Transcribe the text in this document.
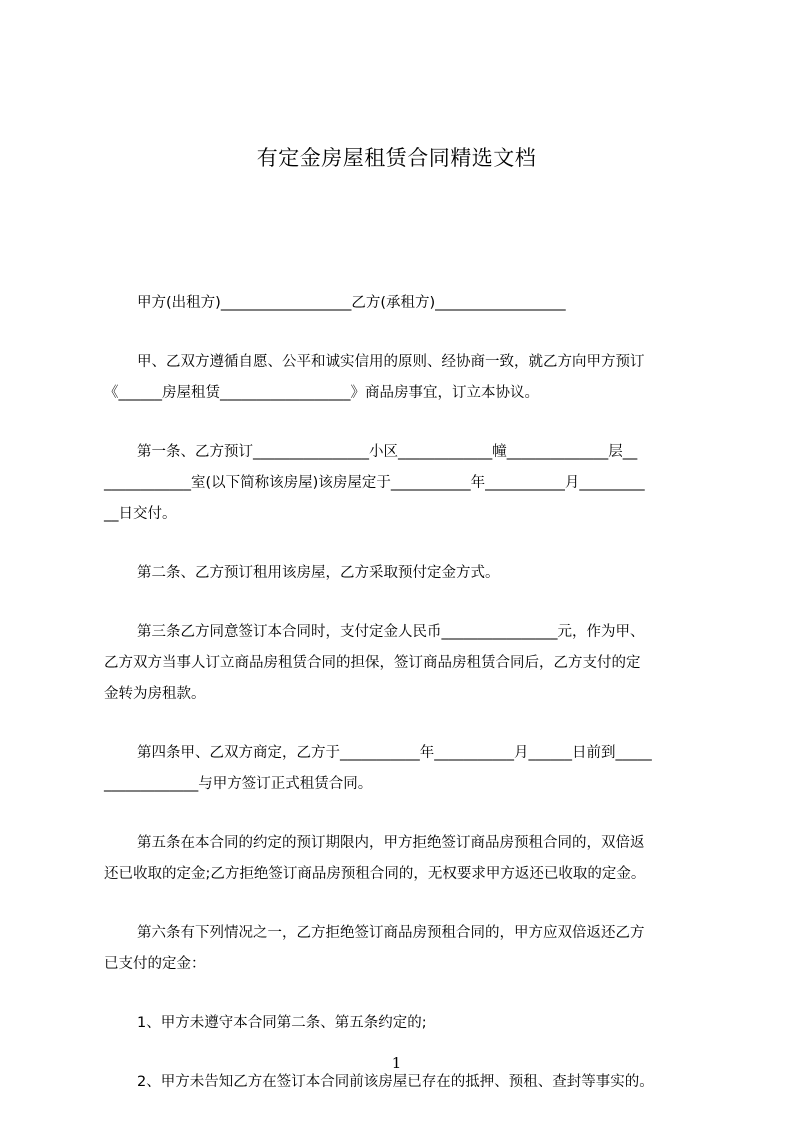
有定金房屋租赁合同精选文档

甲方(出租方)__________________乙方(承租方)__________________

甲、乙双方遵循自愿、公平和诚实信用的原则、经协商一致，就乙方向甲方预订
《______房屋租赁__________________》商品房事宜，订立本协议。

第一条、乙方预订________________小区_____________幢______________层__
____________室(以下简称该房屋)该房屋定于___________年___________月_________
__日交付。

第二条、乙方预订租用该房屋，乙方采取预付定金方式。

第三条乙方同意签订本合同时，支付定金人民币________________元，作为甲、
乙方双方当事人订立商品房租赁合同的担保，签订商品房租赁合同后，乙方支付的定
金转为房租款。

第四条甲、乙双方商定，乙方于___________年___________月______日前到_____
_____________与甲方签订正式租赁合同。

第五条在本合同的约定的预订期限内，甲方拒绝签订商品房预租合同的，双倍返
还已收取的定金;乙方拒绝签订商品房预租合同的，无权要求甲方返还已收取的定金。

第六条有下列情况之一，乙方拒绝签订商品房预租合同的，甲方应双倍返还乙方
已支付的定金：

1、甲方未遵守本合同第二条、第五条约定的;

2、甲方未告知乙方在签订本合同前该房屋已存在的抵押、预租、查封等事实的。

1
